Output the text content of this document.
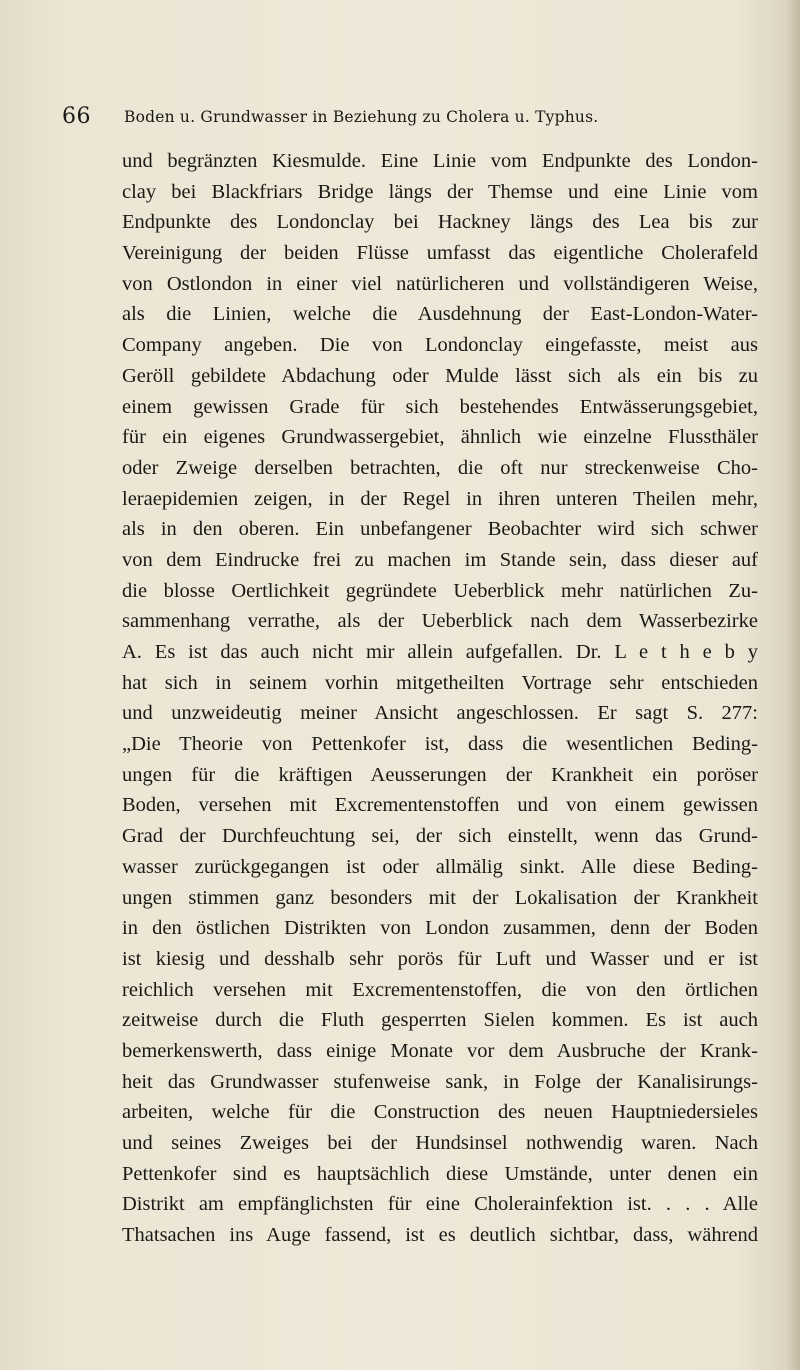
66 Boden u. Grundwasser in Beziehung zu Cholera u. Typhus.
und begränzten Kiesmulde. Eine Linie vom Endpunkte des London-
clay bei Blackfriars Bridge längs der Themse und eine Linie vom
Endpunkte des Londonclay bei Hackney längs des Lea bis zur
Vereinigung der beiden Flüsse umfasst das eigentliche Cholerafeld
von Ostlondon in einer viel natürlicheren und vollständigeren Weise,
als die Linien, welche die Ausdehnung der East-London-Water-
Company angeben. Die von Londonclay eingefasste, meist aus
Geröll gebildete Abdachung oder Mulde lässt sich als ein bis zu
einem gewissen Grade für sich bestehendes Entwässerungsgebiet,
für ein eigenes Grundwassergebiet, ähnlich wie einzelne Flussthäler
oder Zweige derselben betrachten, die oft nur streckenweise Cho-
leraepidemien zeigen, in der Regel in ihren unteren Theilen mehr,
als in den oberen. Ein unbefangener Beobachter wird sich schwer
von dem Eindrucke frei zu machen im Stande sein, dass dieser auf
die blosse Oertlichkeit gegründete Ueberblick mehr natürlichen Zu-
sammenhang verrathe, als der Ueberblick nach dem Wasserbezirke
A. Es ist das auch nicht mir allein aufgefallen. Dr. L e t h e b y
hat sich in seinem vorhin mitgetheilten Vortrage sehr entschieden
und unzweideutig meiner Ansicht angeschlossen. Er sagt S. 277:
„Die Theorie von Pettenkofer ist, dass die wesentlichen Beding-
ungen für die kräftigen Aeusserungen der Krankheit ein poröser
Boden, versehen mit Excrementenstoffen und von einem gewissen
Grad der Durchfeuchtung sei, der sich einstellt, wenn das Grund-
wasser zurückgegangen ist oder allmälig sinkt. Alle diese Beding-
ungen stimmen ganz besonders mit der Lokalisation der Krankheit
in den östlichen Distrikten von London zusammen, denn der Boden
ist kiesig und desshalb sehr porös für Luft und Wasser und er ist
reichlich versehen mit Excrementenstoffen, die von den örtlichen
zeitweise durch die Fluth gesperrten Sielen kommen. Es ist auch
bemerkenswerth, dass einige Monate vor dem Ausbruche der Krank-
heit das Grundwasser stufenweise sank, in Folge der Kanalisirungs-
arbeiten, welche für die Construction des neuen Hauptniedersieles
und seines Zweiges bei der Hundsinsel nothwendig waren. Nach
Pettenkofer sind es hauptsächlich diese Umstände, unter denen ein
Distrikt am empfänglichsten für eine Cholerainfektion ist. . . . Alle
Thatsachen ins Auge fassend, ist es deutlich sichtbar, dass, während
